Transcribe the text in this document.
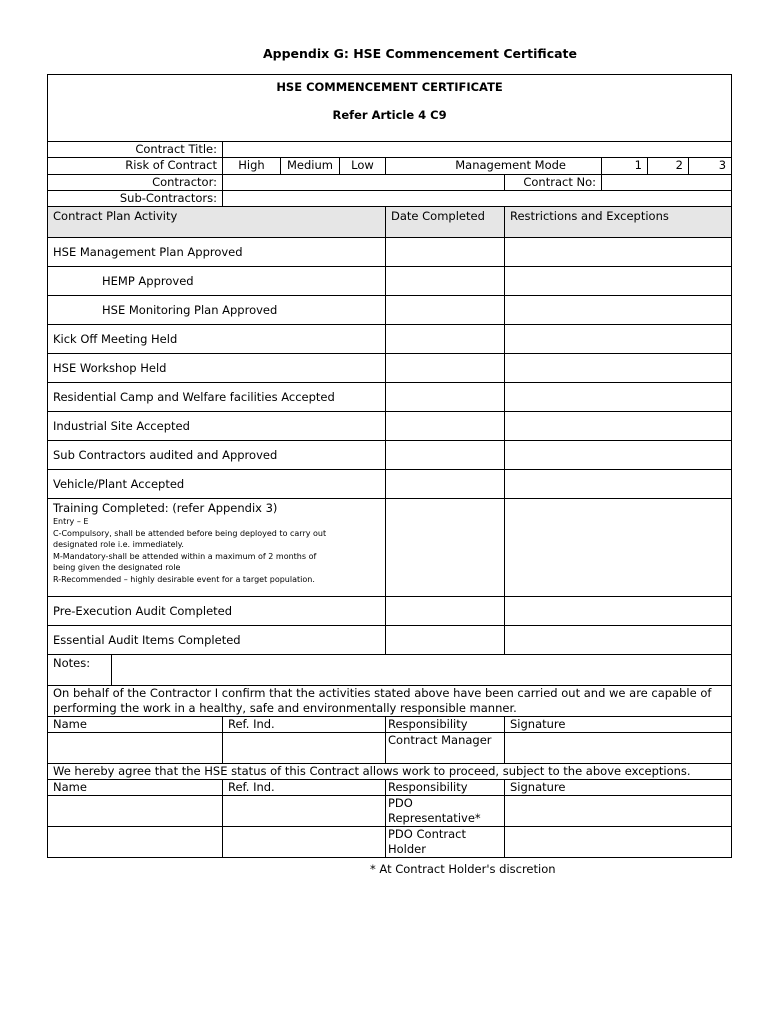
Appendix G: HSE Commencement Certificate
HSE COMMENCEMENT CERTIFICATE
Refer Article 4 C9									

Contract Title:									
Risk of Contract		High	Medium	Low	Management Mode		1	2	3
Contractor:						Contract No:			
Sub-Contractors:									
Contract Plan Activity					Date Completed	Restrictions and Exceptions			
HSE Management Plan Approved									
HEMP Approved									
HSE Monitoring Plan Approved									
Kick Off Meeting Held									
HSE Workshop Held									
Residential Camp and Welfare facilities Accepted									
Industrial Site Accepted									
Sub Contractors audited and Approved									
Vehicle/Plant Accepted									

Training Completed: (refer Appendix 3)
Entry – E
C-Compulsory, shall be attended before being deployed to carry out designated role i.e. immediately.
M-Mandatory-shall be attended within a maximum of 2 months of being given the designated role
R-Recommended – highly desirable event for a target population.									

Pre-Execution Audit Completed									
Essential Audit Items Completed									
Notes:									
On behalf of the Contractor I confirm that the activities stated above have been carried out and we are capable of performing the work in a healthy, safe and environmentally responsible manner.									
Name		Ref. Ind.			Responsibility	Signature			
					Contract Manager				
We hereby agree that the HSE status of this Contract allows work to proceed, subject to the above exceptions.									
Name		Ref. Ind.			Responsibility	Signature			
					PDO Representative*				
					PDO Contract Holder				
* At Contract Holder's discretion
